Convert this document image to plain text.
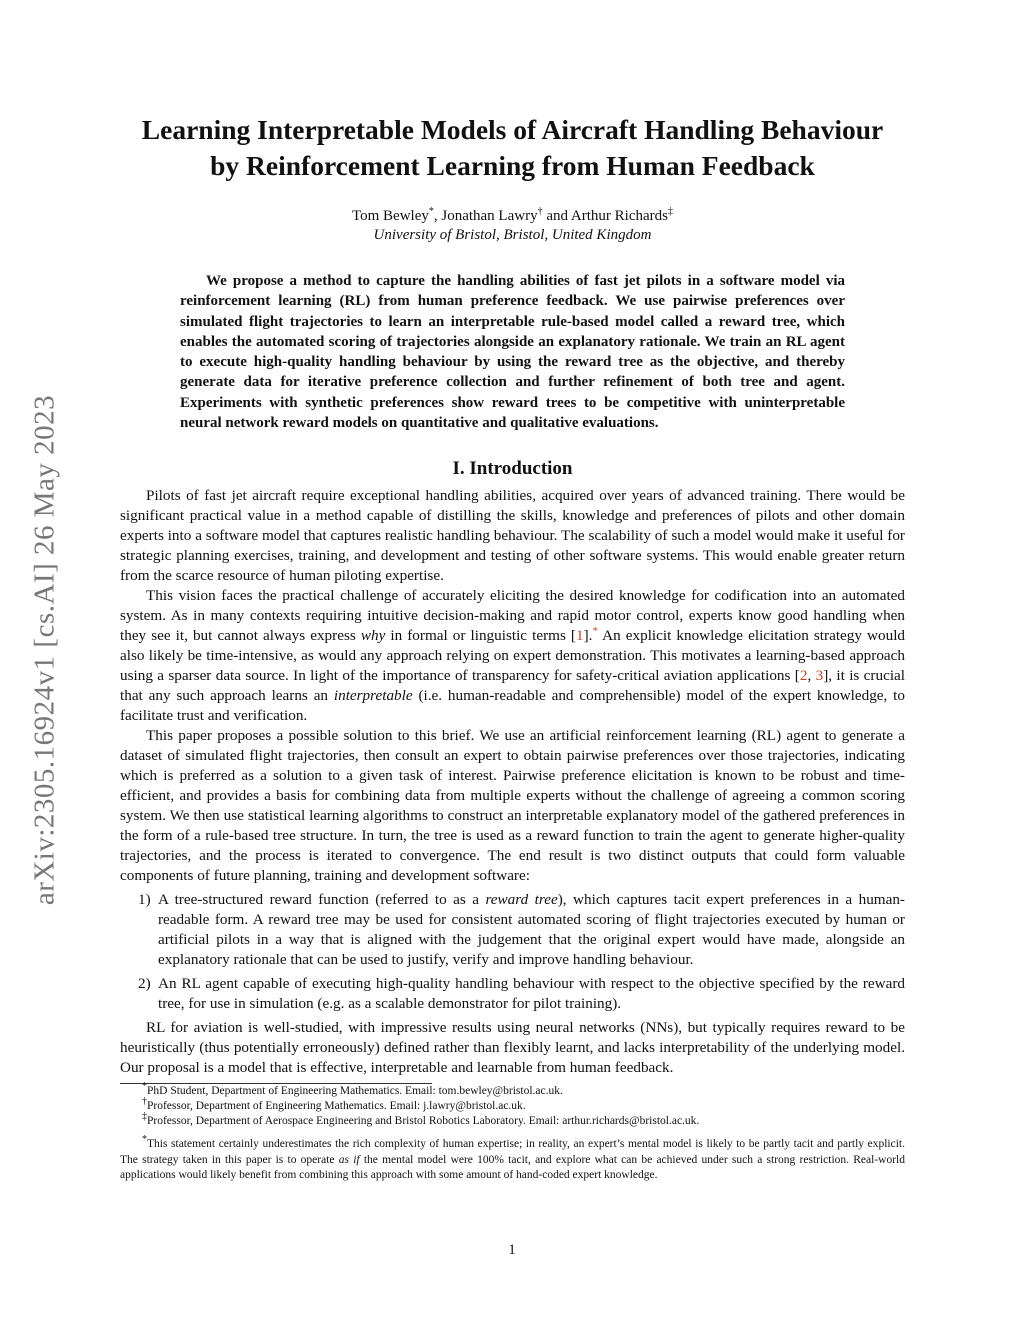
arXiv:2305.16924v1 [cs.AI] 26 May 2023
Learning Interpretable Models of Aircraft Handling Behaviour
by Reinforcement Learning from Human Feedback
Tom Bewley*, Jonathan Lawry† and Arthur Richards‡
University of Bristol, Bristol, United Kingdom
We propose a method to capture the handling abilities of fast jet pilots in a software model via reinforcement learning (RL) from human preference feedback. We use pairwise preferences over simulated flight trajectories to learn an interpretable rule-based model called a reward tree, which enables the automated scoring of trajectories alongside an explanatory rationale. We train an RL agent to execute high-quality handling behaviour by using the reward tree as the objective, and thereby generate data for iterative preference collection and further refinement of both tree and agent. Experiments with synthetic preferences show reward trees to be competitive with uninterpretable neural network reward models on quantitative and qualitative evaluations.
I. Introduction

Pilots of fast jet aircraft require exceptional handling abilities, acquired over years of advanced training. There would be significant practical value in a method capable of distilling the skills, knowledge and preferences of pilots and other domain experts into a software model that captures realistic handling behaviour. The scalability of such a model would make it useful for strategic planning exercises, training, and development and testing of other software systems. This would enable greater return from the scarce resource of human piloting expertise.

This vision faces the practical challenge of accurately eliciting the desired knowledge for codification into an automated system. As in many contexts requiring intuitive decision-making and rapid motor control, experts know good handling when they see it, but cannot always express why in formal or linguistic terms [1].* An explicit knowledge elicitation strategy would also likely be time-intensive, as would any approach relying on expert demonstration. This motivates a learning-based approach using a sparser data source. In light of the importance of transparency for safety-critical aviation applications [2, 3], it is crucial that any such approach learns an interpretable (i.e. human-readable and comprehensible) model of the expert knowledge, to facilitate trust and verification.

This paper proposes a possible solution to this brief. We use an artificial reinforcement learning (RL) agent to generate a dataset of simulated flight trajectories, then consult an expert to obtain pairwise preferences over those trajectories, indicating which is preferred as a solution to a given task of interest. Pairwise preference elicitation is known to be robust and time-efficient, and provides a basis for combining data from multiple experts without the challenge of agreeing a common scoring system. We then use statistical learning algorithms to construct an interpretable explanatory model of the gathered preferences in the form of a rule-based tree structure. In turn, the tree is used as a reward function to train the agent to generate higher-quality trajectories, and the process is iterated to convergence. The end result is two distinct outputs that could form valuable components of future planning, training and development software:

1) A tree-structured reward function (referred to as a reward tree), which captures tacit expert preferences in a human-readable form. A reward tree may be used for consistent automated scoring of flight trajectories executed by human or artificial pilots in a way that is aligned with the judgement that the original expert would have made, alongside an explanatory rationale that can be used to justify, verify and improve handling behaviour.
2) An RL agent capable of executing high-quality handling behaviour with respect to the objective specified by the reward tree, for use in simulation (e.g. as a scalable demonstrator for pilot training).

RL for aviation is well-studied, with impressive results using neural networks (NNs), but typically requires reward to be heuristically (thus potentially erroneously) defined rather than flexibly learnt, and lacks interpretability of the underlying model. Our proposal is a model that is effective, interpretable and learnable from human feedback.

*PhD Student, Department of Engineering Mathematics. Email: tom.bewley@bristol.ac.uk.

†Professor, Department of Engineering Mathematics. Email: j.lawry@bristol.ac.uk.

‡Professor, Department of Aerospace Engineering and Bristol Robotics Laboratory. Email: arthur.richards@bristol.ac.uk.

*This statement certainly underestimates the rich complexity of human expertise; in reality, an expert’s mental model is likely to be partly tacit and partly explicit. The strategy taken in this paper is to operate as if the mental model were 100% tacit, and explore what can be achieved under such a strong restriction. Real-world applications would likely benefit from combining this approach with some amount of hand-coded expert knowledge.

1
